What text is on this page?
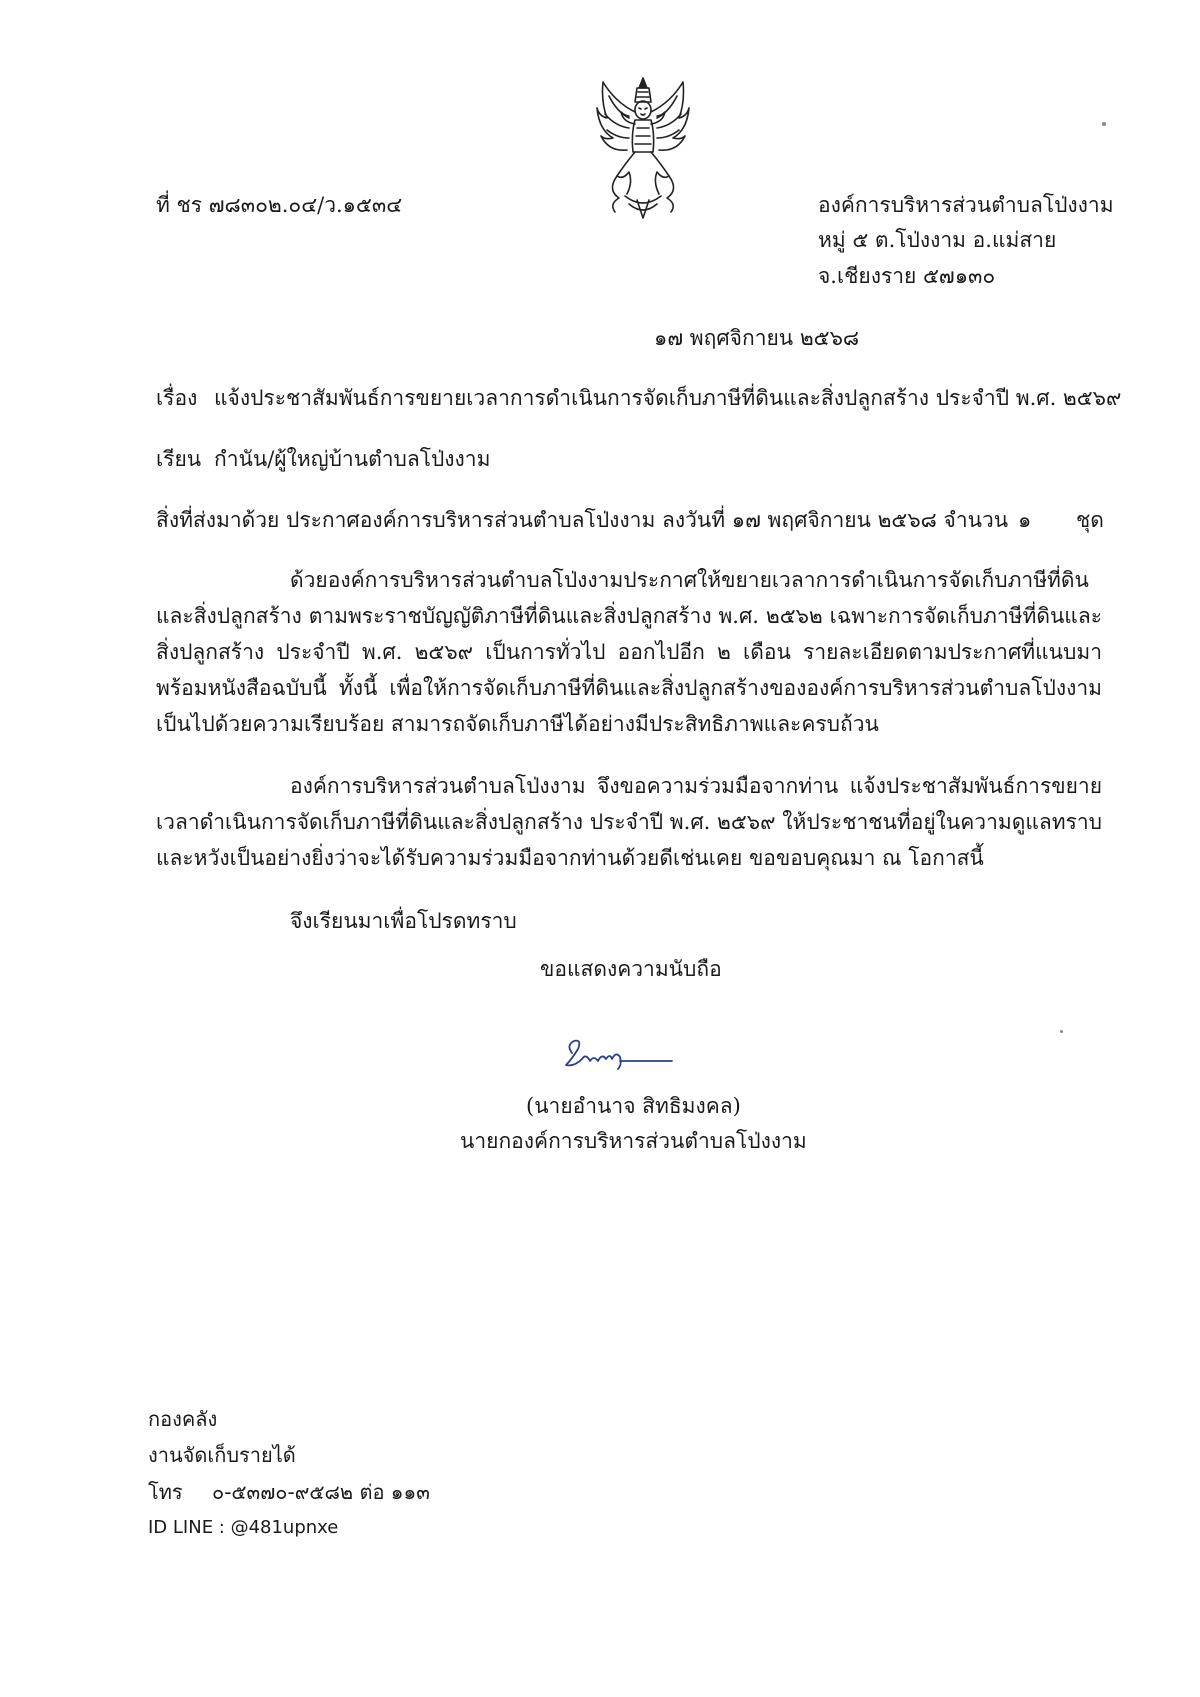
ที่ ชร ๗๘๓๐๒.๐๔/ว.๑๕๓๔	องค์การบริหารส่วนตำบลโป่งงาม
หมู่ ๕ ต.โป่งงาม อ.แม่สาย
จ.เชียงราย ๕๗๑๓๐
๑๗ พฤศจิกายน ๒๕๖๘
เรื่อง แจ้งประชาสัมพันธ์การขยายเวลาการดำเนินการจัดเก็บภาษีที่ดินและสิ่งปลูกสร้าง ประจำปี พ.ศ. ๒๕๖๙
เรียน กำนัน/ผู้ใหญ่บ้านตำบลโป่งงาม
สิ่งที่ส่งมาด้วย ประกาศองค์การบริหารส่วนตำบลโป่งงาม ลงวันที่ ๑๗ พฤศจิกายน ๒๕๖๘ จำนวน ๑ ชุด
ด้วยองค์การบริหารส่วนตำบลโป่งงามประกาศให้ขยายเวลาการดำเนินการจัดเก็บภาษีที่ดินและสิ่งปลูกสร้าง ตามพระราชบัญญัติภาษีที่ดินและสิ่งปลูกสร้าง พ.ศ. ๒๕๖๒ เฉพาะการจัดเก็บภาษีที่ดินและสิ่งปลูกสร้าง ประจำปี พ.ศ. ๒๕๖๙ เป็นการทั่วไป ออกไปอีก ๒ เดือน รายละเอียดตามประกาศที่แนบมาพร้อมหนังสือฉบับนี้ ทั้งนี้ เพื่อให้การจัดเก็บภาษีที่ดินและสิ่งปลูกสร้างขององค์การบริหารส่วนตำบลโป่งงาม เป็นไปด้วยความเรียบร้อย สามารถจัดเก็บภาษีได้อย่างมีประสิทธิภาพและครบถ้วน
องค์การบริหารส่วนตำบลโป่งงาม จึงขอความร่วมมือจากท่าน แจ้งประชาสัมพันธ์การขยายเวลาดำเนินการจัดเก็บภาษีที่ดินและสิ่งปลูกสร้าง ประจำปี พ.ศ. ๒๕๖๙ ให้ประชาชนที่อยู่ในความดูแลทราบ และหวังเป็นอย่างยิ่งว่าจะได้รับความร่วมมือจากท่านด้วยดีเช่นเคย ขอขอบคุณมา ณ โอกาสนี้
จึงเรียนมาเพื่อโปรดทราบ
ขอแสดงความนับถือ
(นายอำนาจ สิทธิมงคล)
นายกองค์การบริหารส่วนตำบลโป่งงาม
กองคลัง
งานจัดเก็บรายได้
โทร ๐-๕๓๗๐-๙๕๘๒ ต่อ ๑๑๓
ID LINE : @481upnxe
